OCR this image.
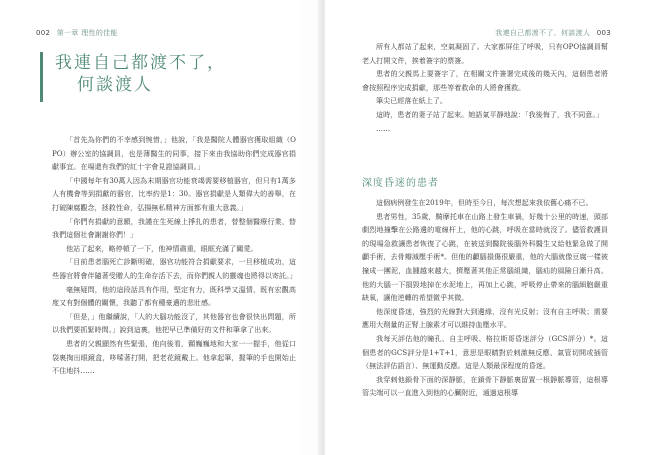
002 第一章 理性的佳能
我連自己都渡不了，
何談渡人

「首先為你們的不幸感到惋惜，」他說，「我是醫院人體器官獲取組織（OPO）辦公室的協調員，也是薄醫生的同事，接下來由我協助你們完成器官捐獻事宜。在場還有我們的紅十字會見證協調員。」

「中國每年有30萬人因為末期器官功能衰竭需要移植器官，但只有1萬多人有機會等到捐獻的器官，比率約是1：30。器官捐獻是人類偉大的善舉，在打破陳腐觀念，拯救性命，弘揚無私精神方面都有重大意義。」

「你們有捐獻的意願，我謹在生死線上掙扎的患者，替整個醫療行業，替我們這個社會謝謝你們！」

他站了起來，略停頓了一下，他神情肅重，眼眶充滿了關愛。

「目前患者腦死亡診斷明確，器官功能符合捐獻要求，一旦移植成功，這些器官將會伴隨著受贈人的生命存活下去，而你們親人的靈魂也將得以寄託。」

毫無疑問，他的這段話具有作用，堅定有力，既科學又溫情，既有宏觀高度又有對個體的關懷，我聽了都有種豪邁的悲壯感。

「但是，」他繼續說，「人的大腦功能沒了，其他器官也會很快出問題，所以我們要抓緊時間。」說到這裏，他把早已準備好的文件和筆拿了出來。

患者的父親顯然有些緊張，他向後看，顫巍巍地和大家一一握手，他從口袋裏掏出眼鏡盒，哆嗦著打開，把老花鏡戴上。他拿起筆，握筆的手也開始止不住地抖……

我連自己都渡不了，何談渡人 003

所有人都站了起來，空氣凝固了。大家都屏住了呼吸，只有OPO協調員幫老人打開文件，挨着簽字的票簽。

患者的父親馬上要簽字了，在相關文件簽署完成後的幾天內，這個患者將會按照程序完成捐獻，那些等着救命的人將會獲救。

筆尖已經落在紙上了。

這時，患者的妻子站了起來。她語氣平靜地說：「我後悔了，我不同意。」

……

深度昏迷的患者

這個病例發生在2019年，但時至今日，每次想起來我依舊心痛不已。

患者男性，35歲，騎摩托車在山路上發生車禍，好幾十公里的時速，頭部劇烈地撞擊在公路邊的電線杆上，他的心跳，呼吸在當時就沒了。儘管救護員的現場急救讓患者恢復了心跳，在被送到醫院後腦外科醫生又給他緊急做了開顱手術，去骨瓣減壓手術*。但他的顱腦損傷很嚴重，他的大腦就像豆腐一樣被撞成一團泥，血腫越來越大，擠壓著其他正常腦組織，腦疝的風險日漸升高。他的大腦一下損毀地掉在水泥地上，再加上心跳，呼吸停止帶來的腦細胞嚴重缺氧，讓他逆轉的希望微乎其微。

他深度昏迷，強烈的光線對大到邊緣，沒有光反射；沒有自主呼吸；需要應用大劑量的正腎上腺素才可以維持血壓水平。

我每天評估他的瞳孔、自主呼吸、格拉斯哥昏迷評分（GCS評分）*。這個患者的GCS評分是1+T+1，意思是眼睛對於刺激無反應、氣管切開或插管（無法評估語言）、無運動反應。這是人類最深程度的昏迷。

我穿刺他鎖骨下面的深靜脈，在鎖骨下靜脈裏留置一根靜脈導管，這根導管尖端可以一直進入到他的心臟附近，通過這根導
